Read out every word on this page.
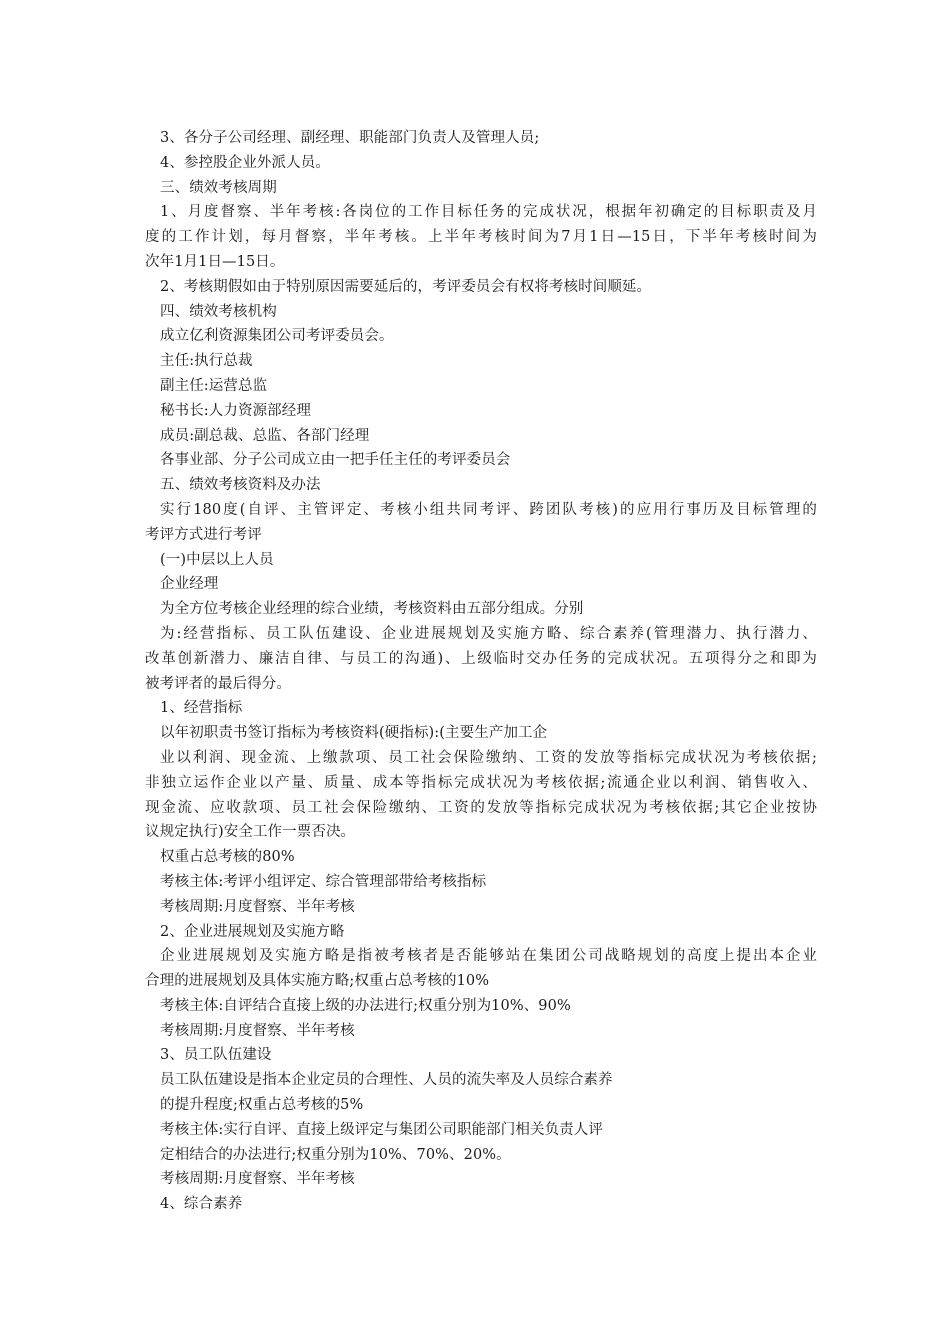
3、各分子公司经理、副经理、职能部门负责人及管理人员;
4、参控股企业外派人员。
三、绩效考核周期
1、月度督察、半年考核:各岗位的工作目标任务的完成状况，根据年初确定的目标职责及月
度的工作计划，每月督察，半年考核。上半年考核时间为7月1日—15日，下半年考核时间为
次年1月1日—15日。
2、考核期假如由于特别原因需要延后的，考评委员会有权将考核时间顺延。
四、绩效考核机构
成立亿利资源集团公司考评委员会。
主任:执行总裁
副主任:运营总监
秘书长:人力资源部经理
成员:副总裁、总监、各部门经理
各事业部、分子公司成立由一把手任主任的考评委员会
五、绩效考核资料及办法
实行180度(自评、主管评定、考核小组共同考评、跨团队考核)的应用行事历及目标管理的
考评方式进行考评
(一)中层以上人员
企业经理
为全方位考核企业经理的综合业绩，考核资料由五部分组成。分别
为:经营指标、员工队伍建设、企业进展规划及实施方略、综合素养(管理潜力、执行潜力、
改革创新潜力、廉洁自律、与员工的沟通)、上级临时交办任务的完成状况。五项得分之和即为
被考评者的最后得分。
1、经营指标
以年初职责书签订指标为考核资料(硬指标):(主要生产加工企
业以利润、现金流、上缴款项、员工社会保险缴纳、工资的发放等指标完成状况为考核依据;
非独立运作企业以产量、质量、成本等指标完成状况为考核依据;流通企业以利润、销售收入、
现金流、应收款项、员工社会保险缴纳、工资的发放等指标完成状况为考核依据;其它企业按协
议规定执行)安全工作一票否决。
权重占总考核的80%
考核主体:考评小组评定、综合管理部带给考核指标
考核周期:月度督察、半年考核
2、企业进展规划及实施方略
企业进展规划及实施方略是指被考核者是否能够站在集团公司战略规划的高度上提出本企业
合理的进展规划及具体实施方略;权重占总考核的10%
考核主体:自评结合直接上级的办法进行;权重分别为10%、90%
考核周期:月度督察、半年考核
3、员工队伍建设
员工队伍建设是指本企业定员的合理性、人员的流失率及人员综合素养
的提升程度;权重占总考核的5%
考核主体:实行自评、直接上级评定与集团公司职能部门相关负责人评
定相结合的办法进行;权重分别为10%、70%、20%。
考核周期:月度督察、半年考核
4、综合素养
